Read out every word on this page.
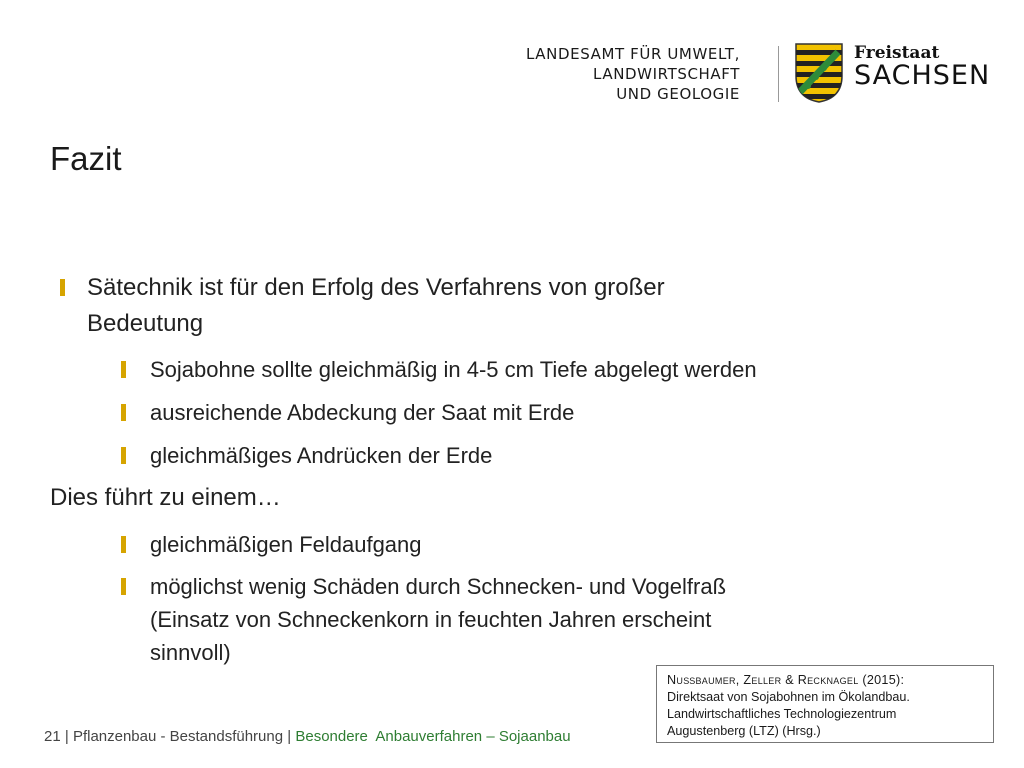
LANDESAMT FÜR UMWELT,
LANDWIRTSCHAFT
UND GEOLOGIE
Freistaat
SACHSEN
Fazit
Sätechnik ist für den Erfolg des Verfahrens von großer
Bedeutung
Sojabohne sollte gleichmäßig in 4-5 cm Tiefe abgelegt werden
ausreichende Abdeckung der Saat mit Erde
gleichmäßiges Andrücken der Erde
Dies führt zu einem…
gleichmäßigen Feldaufgang
möglichst wenig Schäden durch Schnecken- und Vogelfraß
(Einsatz von Schneckenkorn in feuchten Jahren erscheint
sinnvoll)
Nußbaumer, Zeller & Recknagel (2015):
Direktsaat von Sojabohnen im Ökolandbau.
Landwirtschaftliches Technologiezentrum
Augustenberg (LTZ) (Hrsg.)
21 | Pflanzenbau - Bestandsführung | Besondere  Anbauverfahren – Sojaanbau
